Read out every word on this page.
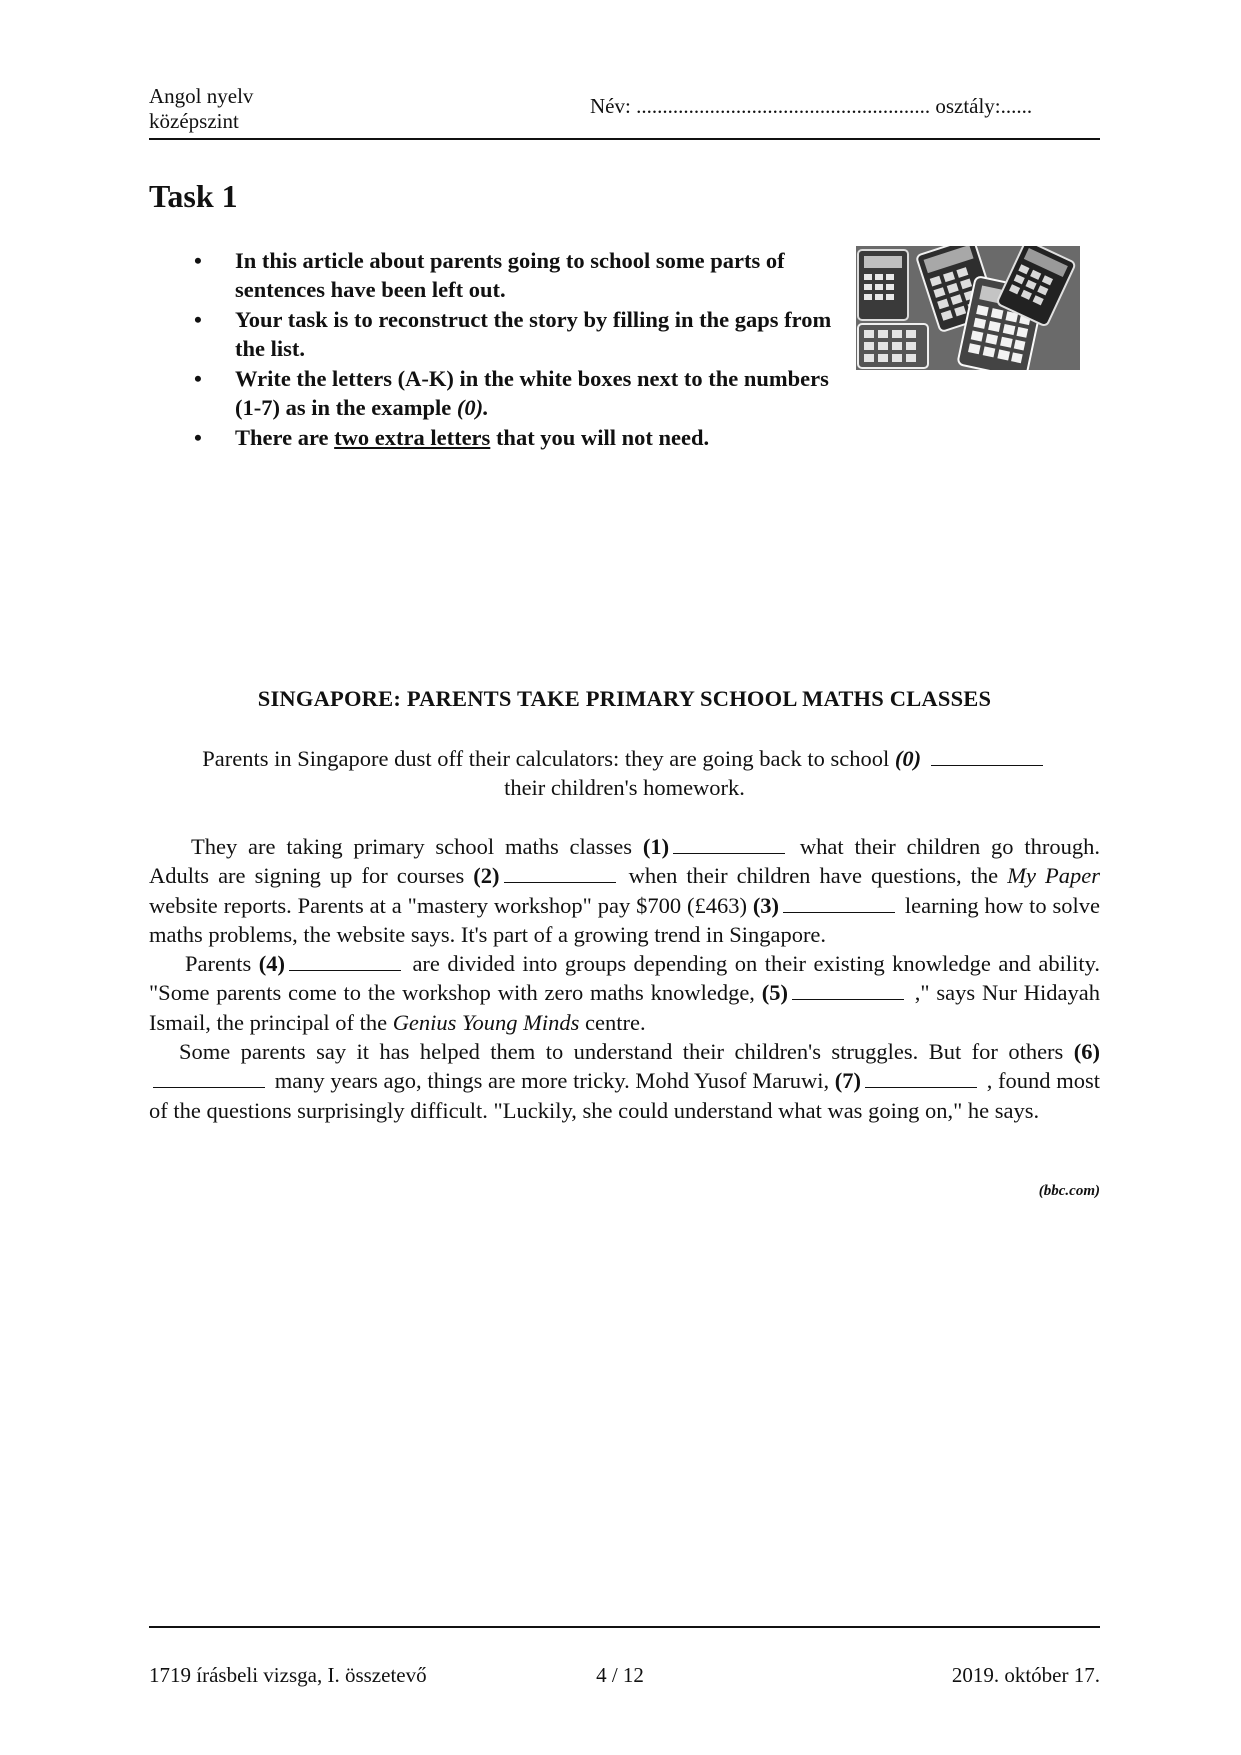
Angol nyelv
középszint
Név: ........................................................ osztály:......
Task 1
• In this article about parents going to school some parts of sentences have been left out.
• Your task is to reconstruct the story by filling in the gaps from the list.
• Write the letters (A-K) in the white boxes next to the numbers (1-7) as in the example (0).
• There are two extra letters that you will not need.
SINGAPORE: PARENTS TAKE PRIMARY SCHOOL MATHS CLASSES
Parents in Singapore dust off their calculators: they are going back to school (0)
their children's homework.

They are taking primary school maths classes (1)	what their children go through. Adults are signing up for courses (2)	when their children have questions, the My Paper website reports. Parents at a "mastery workshop" pay $700 (£463) (3)	learning how to solve maths problems, the website says. It's part of a growing trend in Singapore.

Parents (4)	are divided into groups depending on their existing knowledge and ability. "Some parents come to the workshop with zero maths knowledge, (5)	," says Nur Hidayah Ismail, the principal of the Genius Young Minds centre.

Some parents say it has helped them to understand their children's struggles. But for others (6) many years ago, things are more tricky. Mohd Yusof Maruwi, (7)	, found most of the questions surprisingly difficult. "Luckily, she could understand what was going on," he says.

(bbc.com)
1719 írásbeli vizsga, I. összetevő	4 / 12	2019. október 17.
